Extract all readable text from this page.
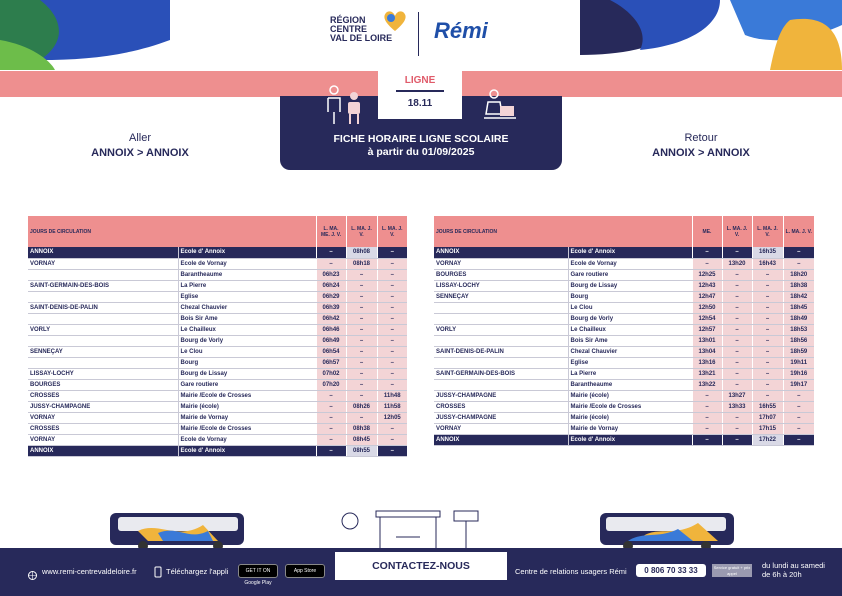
RÉGION
CENTRE
VAL DE LOIRE Rémi
LIGNE
18.11
FICHE HORAIRE LIGNE SCOLAIRE
à partir du 01/09/2025
Aller
ANNOIX > ANNOIX
Retour
ANNOIX > ANNOIX
JOURS DE CIRCULATION		L. MA. ME. J. V.	L. MA. J. V.	L. MA. J. V.
ANNOIX	Ecole d' Annoix	–	08h08	–
VORNAY	Ecole de Vornay	–	08h18	–
	Barantheaume	06h23	–	–
SAINT-GERMAIN-DES-BOIS	La Pierre	06h24	–	–
	Eglise	06h29	–	–
SAINT-DENIS-DE-PALIN	Chezal Chauvier	06h39	–	–
	Bois Sir Ame	06h42	–	–
VORLY	Le Chailleux	06h46	–	–
	Bourg de Vorly	06h49	–	–
SENNEÇAY	Le Clou	06h54	–	–
	Bourg	06h57	–	–
LISSAY-LOCHY	Bourg de Lissay	07h02	–	–
BOURGES	Gare routiere	07h20	–	–
CROSSES	Mairie /Ecole de Crosses	–	–	11h48
JUSSY-CHAMPAGNE	Mairie (école)	–	08h26	11h58
VORNAY	Mairie de Vornay	–	–	12h05
CROSSES	Mairie /Ecole de Crosses	–	08h38	–
VORNAY	Ecole de Vornay	–	08h45	–
ANNOIX	Ecole d' Annoix	–	08h55	–
JOURS DE CIRCULATION		ME.	L. MA. J. V.	L. MA. J. V.	L. MA. J. V.
ANNOIX	Ecole d' Annoix	–	–	16h35	–
VORNAY	Ecole de Vornay	–	13h20	16h43	–
BOURGES	Gare routiere	12h25	–	–	18h20
LISSAY-LOCHY	Bourg de Lissay	12h43	–	–	18h38
SENNEÇAY	Bourg	12h47	–	–	18h42
	Le Clou	12h50	–	–	18h45
	Bourg de Vorly	12h54	–	–	18h49
VORLY	Le Chailleux	12h57	–	–	18h53
	Bois Sir Ame	13h01	–	–	18h56
SAINT-DENIS-DE-PALIN	Chezal Chauvier	13h04	–	–	18h59
	Eglise	13h16	–	–	19h11
SAINT-GERMAIN-DES-BOIS	La Pierre	13h21	–	–	19h16
	Barantheaume	13h22	–	–	19h17
JUSSY-CHAMPAGNE	Mairie (école)	–	13h27	–	–
CROSSES	Mairie /Ecole de Crosses	–	13h33	16h55	–
JUSSY-CHAMPAGNE	Mairie (école)	–	–	17h07	–
VORNAY	Mairie de Vornay	–	–	17h15	–
ANNOIX	Ecole d' Annoix	–	–	17h22	–
www.remi-centrevaldeloire.fr	Téléchargez l'appli	GET IT ON Google Play
App Store	CONTACTEZ-NOUS	Centre de relations usagers Rémi	0 806 70 33 33	Service gratuit + prix appel
du lundi au samedi
de 6h à 20h
